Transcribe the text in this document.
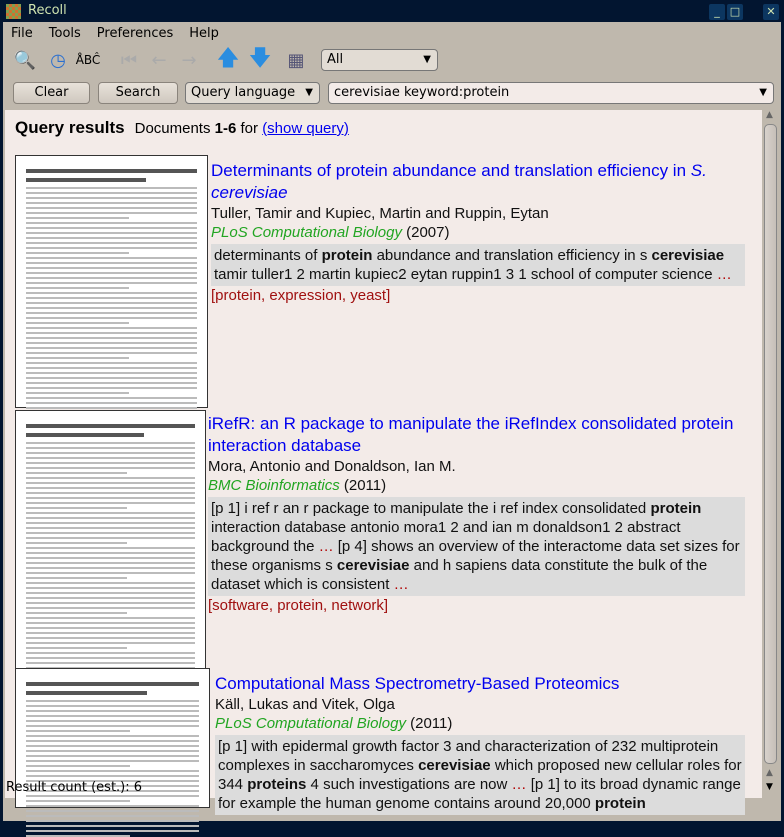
Recoll	_ □	✕
File	Tools	Preferences	Help
🔍 ◷ ÅBĈ ⏮ ← → 🡅 🡇 ▦	All	▼
Clear	Search	Query language ▼	cerevisiae keyword:protein	▼
Query results Documents 1-6 for (show query)
Determinants of protein abundance and translation efficiency in S. cerevisiae
Tuller, Tamir and Kupiec, Martin and Ruppin, Eytan
PLoS Computational Biology (2007)
determinants of protein abundance and translation efficiency in s cerevisiae tamir tuller1 2 martin kupiec2 eytan ruppin1 3 1 school of computer science …
[protein, expression, yeast]
iRefR: an R package to manipulate the iRefIndex consolidated protein interaction database
Mora, Antonio and Donaldson, Ian M.
BMC Bioinformatics (2011)
[p 1] i ref r an r package to manipulate the i ref index consolidated protein interaction database antonio mora1 2 and ian m donaldson1 2 abstract background the … [p 4] shows an overview of the interactome data set sizes for these organisms s cerevisiae and h sapiens data constitute the bulk of the dataset which is consistent …
[software, protein, network]
Computational Mass Spectrometry-Based Proteomics
Käll, Lukas and Vitek, Olga
PLoS Computational Biology (2011)
[p 1] with epidermal growth factor 3 and characterization of 232 multiprotein complexes in saccharomyces cerevisiae which proposed new cellular roles for 344 proteins 4 such investigations are now … [p 1] to its broad dynamic range for example the human genome contains around 20,000 protein
▲
▲
▼
Result count (est.): 6
